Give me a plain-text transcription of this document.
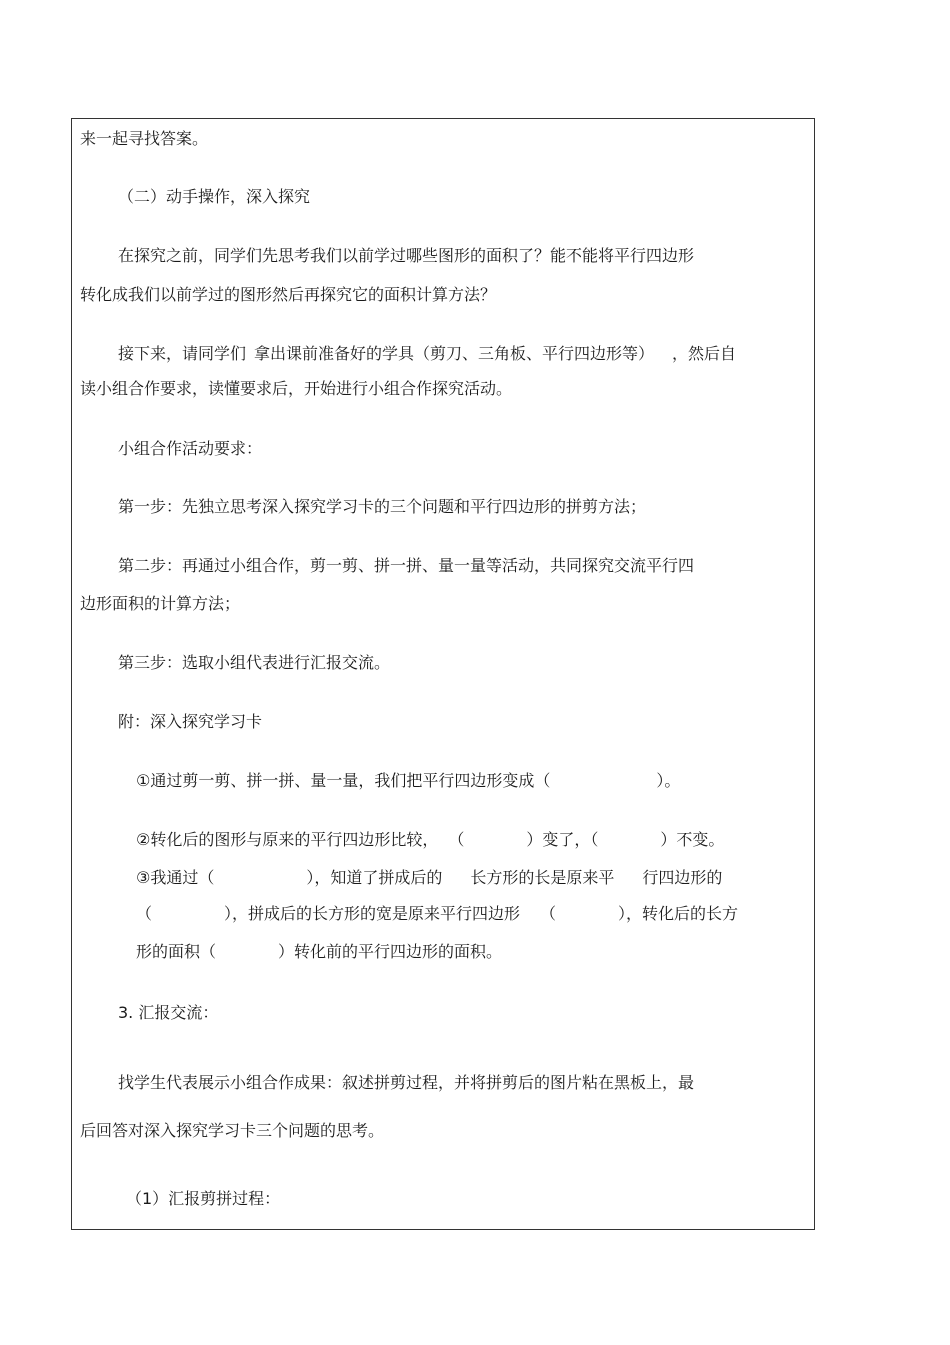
来一起寻找答案。
（二）动手操作，深入探究
在探究之前，同学们先思考我们以前学过哪些图形的面积了？能不能将平行四边形
转化成我们以前学过的图形然后再探究它的面积计算方法？
接下来，请同学们 拿出课前准备好的学具（剪刀、三角板、平行四边形等） ，然后自
读小组合作要求，读懂要求后，开始进行小组合作探究活动。
小组合作活动要求：
第一步：先独立思考深入探究学习卡的三个问题和平行四边形的拼剪方法；
第二步：再通过小组合作，剪一剪、拼一拼、量一量等活动，共同探究交流平行四
边形面积的计算方法；
第三步：选取小组代表进行汇报交流。
附：深入探究学习卡
①通过剪一剪、拼一拼、量一量，我们把平行四边形变成（	）。
②转化后的图形与原来的平行四边形比较， （	）变了，（	）不变。
③我通过（	），知道了拼成后的 长方形的长是原来平 行四边形的
（	），拼成后的长方形的宽是原来平行四边形 （	），转化后的长方
形的面积（	）转化前的平行四边形的面积。
3. 汇报交流：
找学生代表展示小组合作成果：叙述拼剪过程，并将拼剪后的图片粘在黑板上，最
后回答对深入探究学习卡三个问题的思考。
（1）汇报剪拼过程：
